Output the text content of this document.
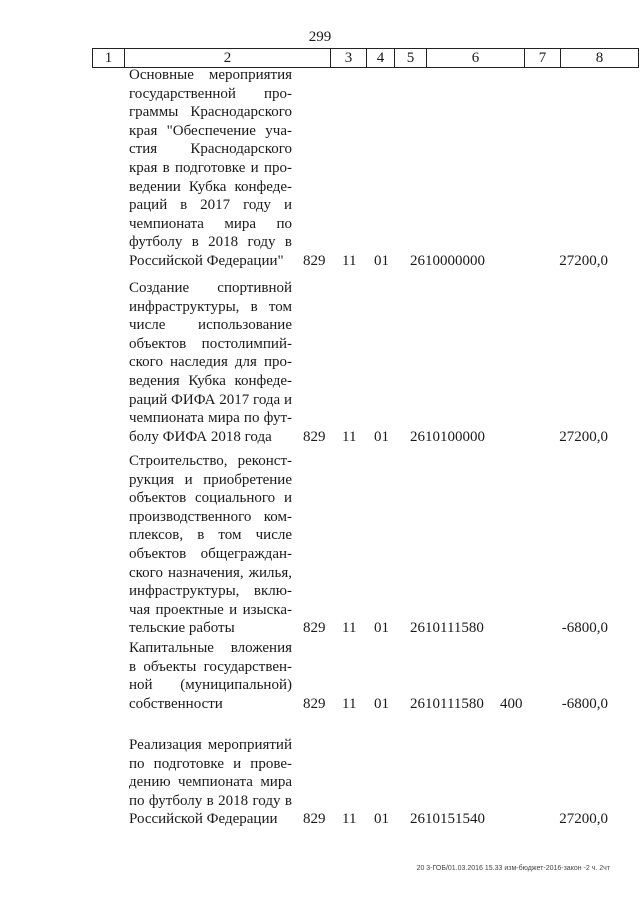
299
1	2	3	4	5	6	7	8
Основные мероприятия
государственной про-
граммы Краснодарского
края "Обеспечение уча-
стия Краснодарского
края в подготовке и про-
ведении Кубка конфеде-
раций в 2017 году и
чемпионата мира по
футболу в 2018 году в
Российской Федерации"	829 11 01 2610000000	27200,0
Создание спортивной
инфраструктуры, в том
числе использование
объектов постолимпий-
ского наследия для про-
ведения Кубка конфеде-
раций ФИФА 2017 года и
чемпионата мира по фут-
болу ФИФА 2018 года	829 11 01 2610100000	27200,0
Строительство, реконст-
рукция и приобретение
объектов социального и
производственного ком-
плексов, в том числе
объектов общеграждан-
ского назначения, жилья,
инфраструктуры, вклю-
чая проектные и изыска-
тельские работы	829 11 01 2610111580	-6800,0
Капитальные вложения
в объекты государствен-
ной (муниципальной)
собственности	829 11 01 2610111580 400	-6800,0
Реализация мероприятий
по подготовке и прове-
дению чемпионата мира
по футболу в 2018 году в
Российской Федерации	829 11 01 2610151540	27200,0
20 3-ГОБ/01.03.2016 15.33 изм-бюджет-2016-закон -2 ч. 2чт
